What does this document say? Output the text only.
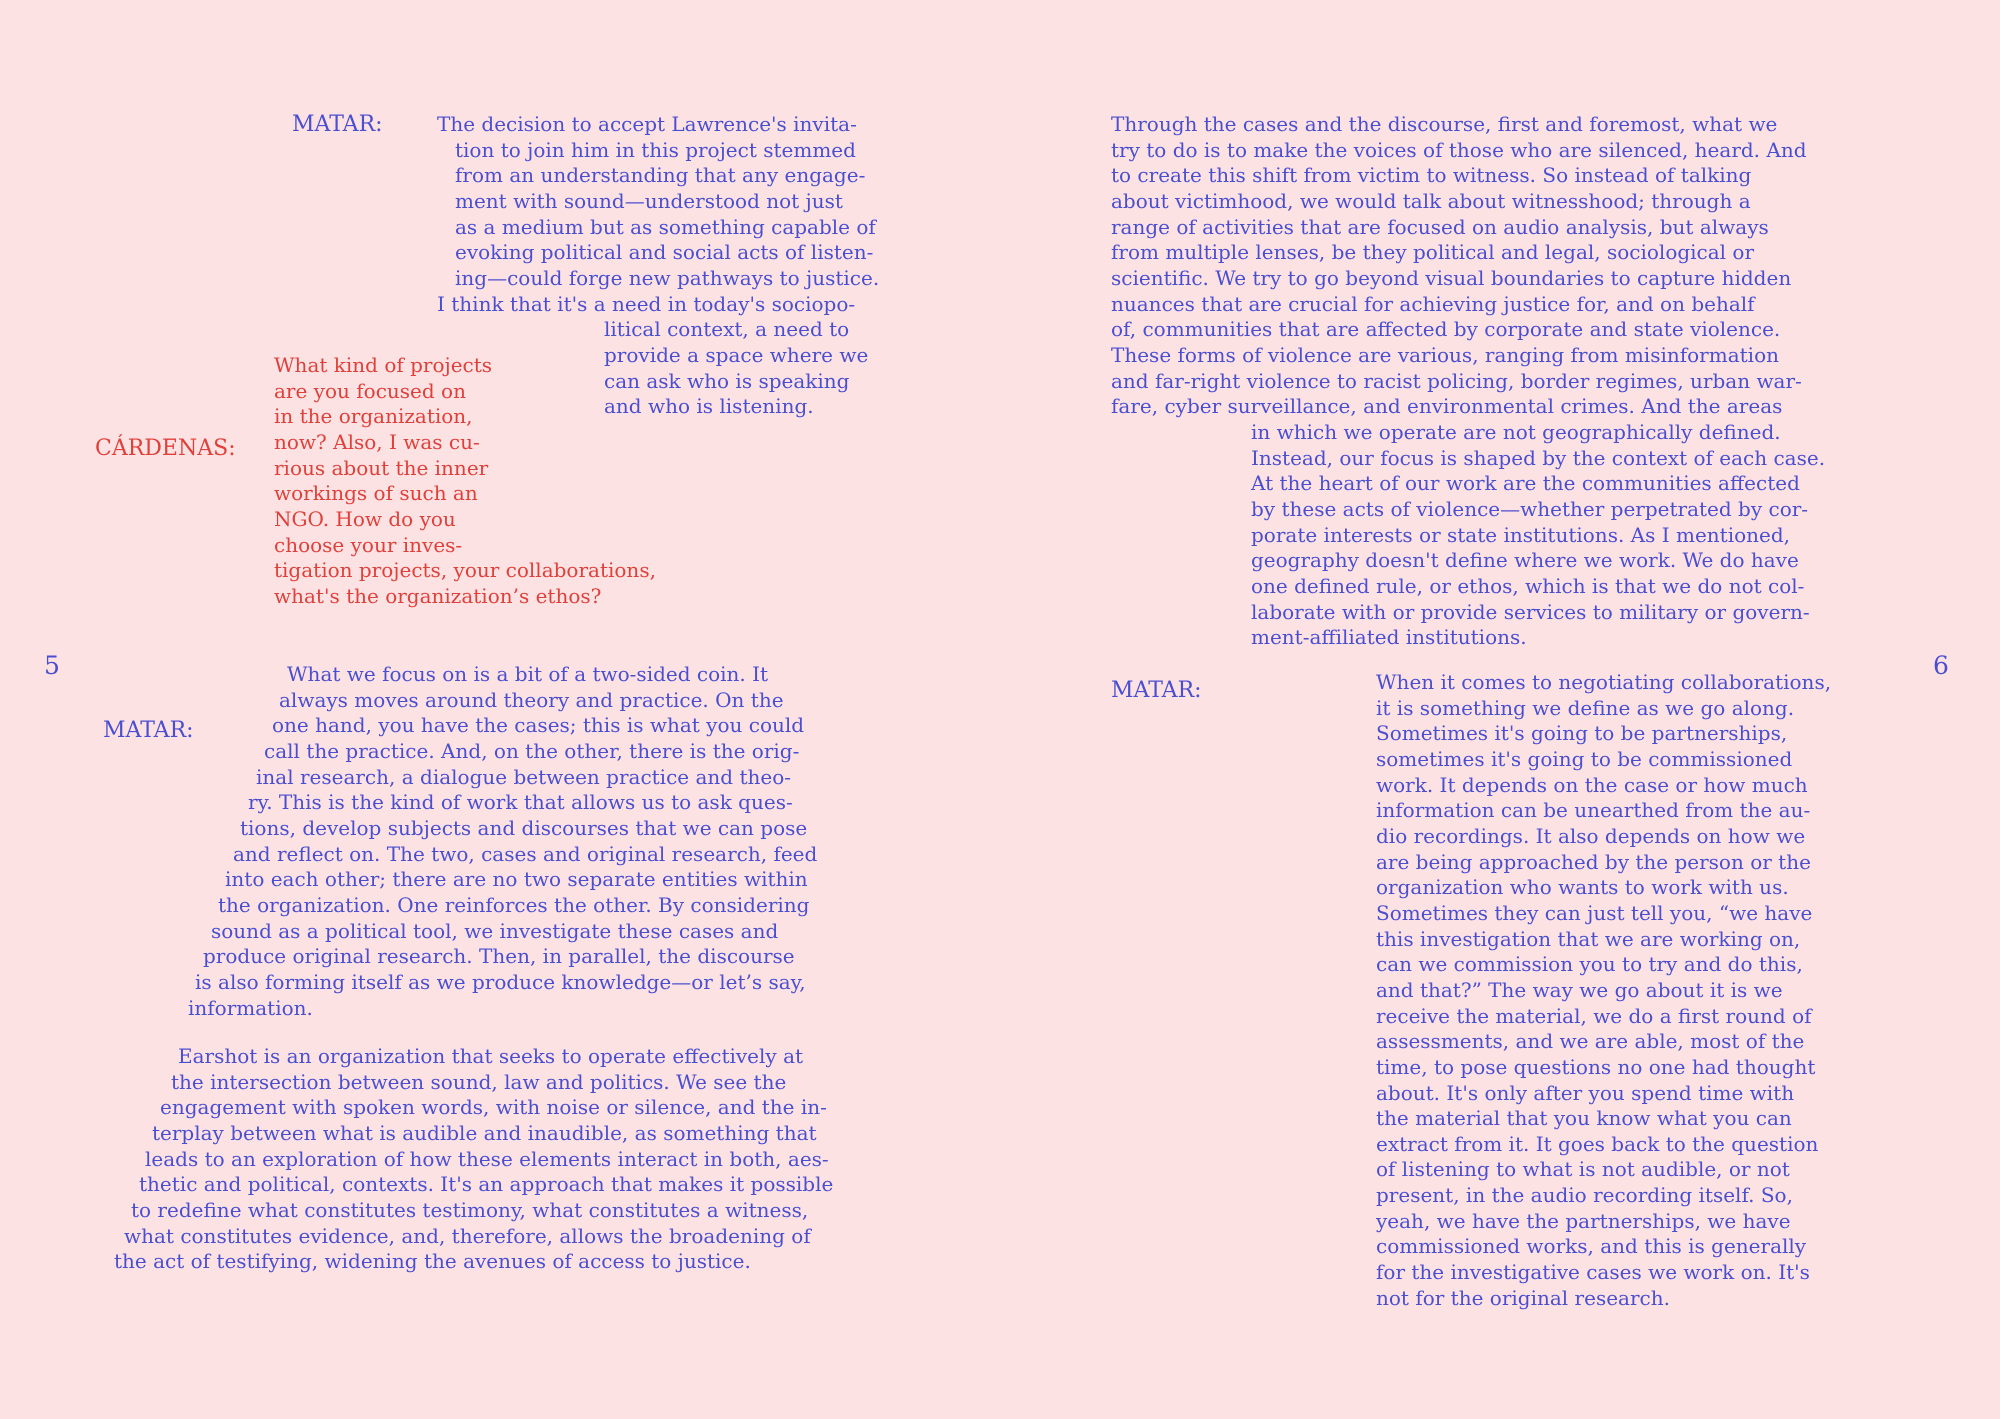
5
MATAR:	The decision to accept Lawrence's invita-
tion to join him in this project stemmed
from an understanding that any engage-
ment with sound—understood not just
as a medium but as something capable of
evoking political and social acts of listen-
ing—could forge new pathways to justice.
I think that it's a need in today's sociopo-
litical context, a need to
provide a space where we
can ask who is speaking
and who is listening.
CÁRDENAS:
What kind of projects
are you focused on
in the organization,
now? Also, I was cu-
rious about the inner
workings of such an
NGO. How do you
choose your inves-
tigation projects, your collaborations,
what's the organization’s ethos?
MATAR:
What we focus on is a bit of a two-sided coin. It
always moves around theory and practice. On the
one hand, you have the cases; this is what you could
call the practice. And, on the other, there is the orig-
inal research, a dialogue between practice and theo-
ry. This is the kind of work that allows us to ask ques-
tions, develop subjects and discourses that we can pose
and reflect on. The two, cases and original research, feed
into each other; there are no two separate entities within
the organization. One reinforces the other. By considering
sound as a political tool, we investigate these cases and
produce original research. Then, in parallel, the discourse
is also forming itself as we produce knowledge—or let’s say,
information.
Earshot is an organization that seeks to operate effectively at
the intersection between sound, law and politics. We see the
engagement with spoken words, with noise or silence, and the in-
terplay between what is audible and inaudible, as something that
leads to an exploration of how these elements interact in both, aes-
thetic and political, contexts. It's an approach that makes it possible
to redefine what constitutes testimony, what constitutes a witness,
what constitutes evidence, and, therefore, allows the broadening of
the act of testifying, widening the avenues of access to justice.
6
Through the cases and the discourse, first and foremost, what we
try to do is to make the voices of those who are silenced, heard. And
to create this shift from victim to witness. So instead of talking
about victimhood, we would talk about witnesshood; through a
range of activities that are focused on audio analysis, but always
from multiple lenses, be they political and legal, sociological or
scientific. We try to go beyond visual boundaries to capture hidden
nuances that are crucial for achieving justice for, and on behalf
of, communities that are affected by corporate and state violence.
These forms of violence are various, ranging from misinformation
and far-right violence to racist policing, border regimes, urban war-
fare, cyber surveillance, and environmental crimes. And the areas
in which we operate are not geographically defined.
Instead, our focus is shaped by the context of each case.
At the heart of our work are the communities affected
by these acts of violence—whether perpetrated by cor-
porate interests or state institutions. As I mentioned,
geography doesn't define where we work. We do have
one defined rule, or ethos, which is that we do not col-
laborate with or provide services to military or govern-
ment-affiliated institutions.
MATAR:	When it comes to negotiating collaborations,
it is something we define as we go along.
Sometimes it's going to be partnerships,
sometimes it's going to be commissioned
work. It depends on the case or how much
information can be unearthed from the au-
dio recordings. It also depends on how we
are being approached by the person or the
organization who wants to work with us.
Sometimes they can just tell you, “we have
this investigation that we are working on,
can we commission you to try and do this,
and that?” The way we go about it is we
receive the material, we do a first round of
assessments, and we are able, most of the
time, to pose questions no one had thought
about. It's only after you spend time with
the material that you know what you can
extract from it. It goes back to the question
of listening to what is not audible, or not
present, in the audio recording itself. So,
yeah, we have the partnerships, we have
commissioned works, and this is generally
for the investigative cases we work on. It's
not for the original research.
